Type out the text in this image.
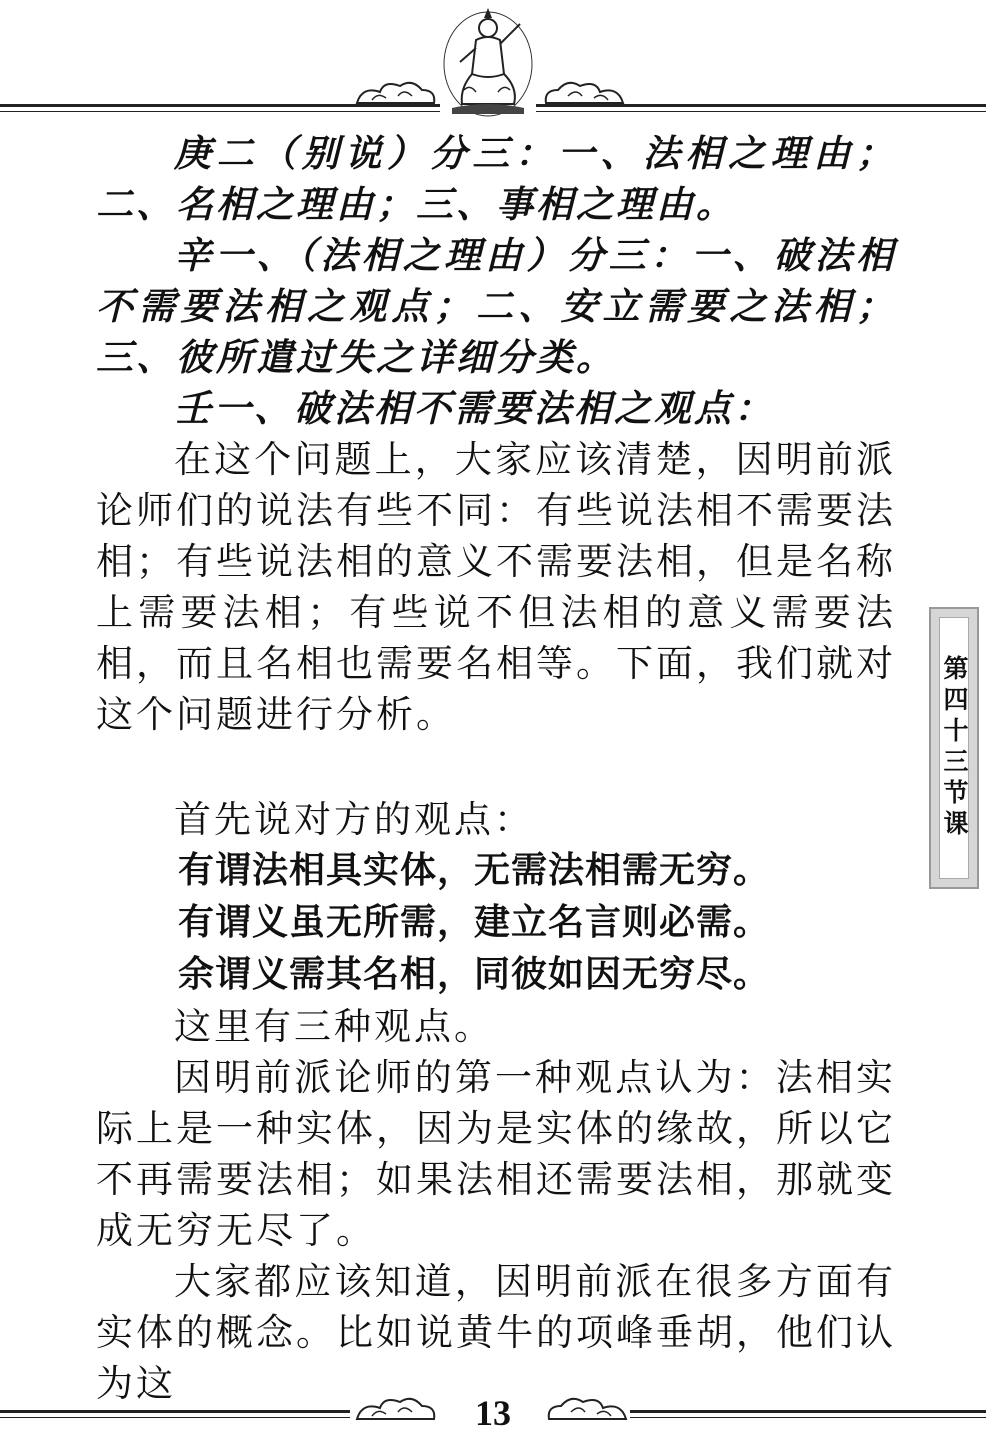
庚二（别说）分三：一、法相之理由；二、名相之理由；三、事相之理由。

辛一、（法相之理由）分三：一、破法相不需要法相之观点；二、安立需要之法相；三、彼所遣过失之详细分类。

壬一、破法相不需要法相之观点：

在这个问题上，大家应该清楚，因明前派论师们的说法有些不同：有些说法相不需要法相；有些说法相的意义不需要法相，但是名称上需要法相；有些说不但法相的意义需要法相，而且名相也需要名相等。下面，我们就对这个问题进行分析。

首先说对方的观点：

有谓法相具实体，无需法相需无穷。

有谓义虽无所需，建立名言则必需。

余谓义需其名相，同彼如因无穷尽。

这里有三种观点。

因明前派论师的第一种观点认为：法相实际上是一种实体，因为是实体的缘故，所以它不再需要法相；如果法相还需要法相，那就变成无穷无尽了。

大家都应该知道，因明前派在很多方面有实体的概念。比如说黄牛的项峰垂胡，他们认为这

第四十三节课
13
